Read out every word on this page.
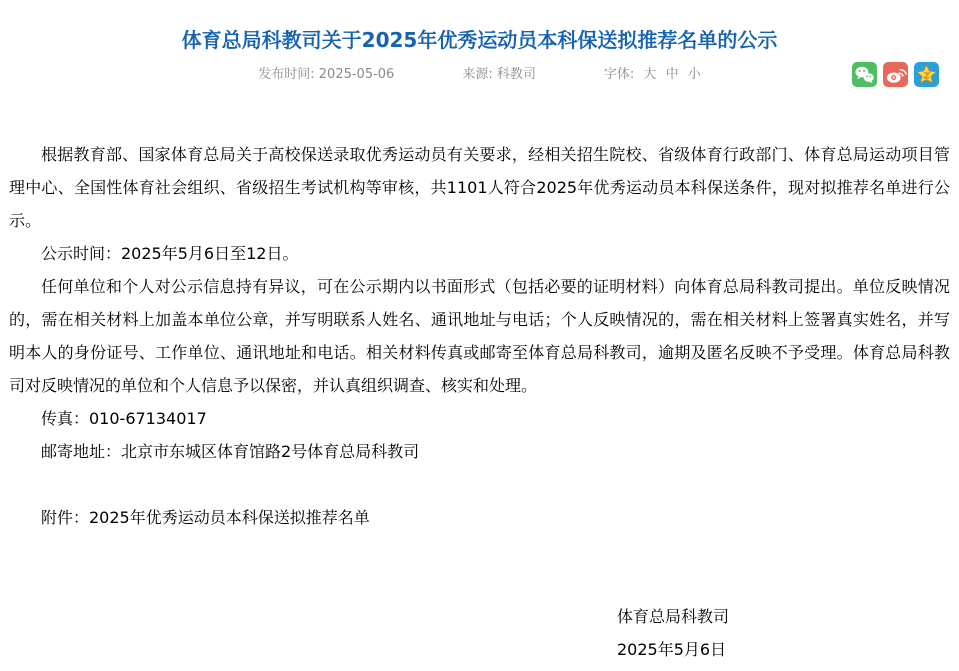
体育总局科教司关于2025年优秀运动员本科保送拟推荐名单的公示
发布时间: 2025-05-06	来源: 科教司	字体: 大 中 小

根据教育部、国家体育总局关于高校保送录取优秀运动员有关要求，经相关招生院校、省级体育行政部门、体育总局运动项目管理中心、全国性体育社会组织、省级招生考试机构等审核，共1101人符合2025年优秀运动员本科保送条件，现对拟推荐名单进行公示。

公示时间：2025年5月6日至12日。

任何单位和个人对公示信息持有异议，可在公示期内以书面形式（包括必要的证明材料）向体育总局科教司提出。单位反映情况的，需在相关材料上加盖本单位公章，并写明联系人姓名、通讯地址与电话；个人反映情况的，需在相关材料上签署真实姓名，并写明本人的身份证号、工作单位、通讯地址和电话。相关材料传真或邮寄至体育总局科教司，逾期及匿名反映不予受理。体育总局科教司对反映情况的单位和个人信息予以保密，并认真组织调查、核实和处理。

传真：010-67134017

邮寄地址：北京市东城区体育馆路2号体育总局科教司

附件：2025年优秀运动员本科保送拟推荐名单

体育总局科教司

2025年5月6日
